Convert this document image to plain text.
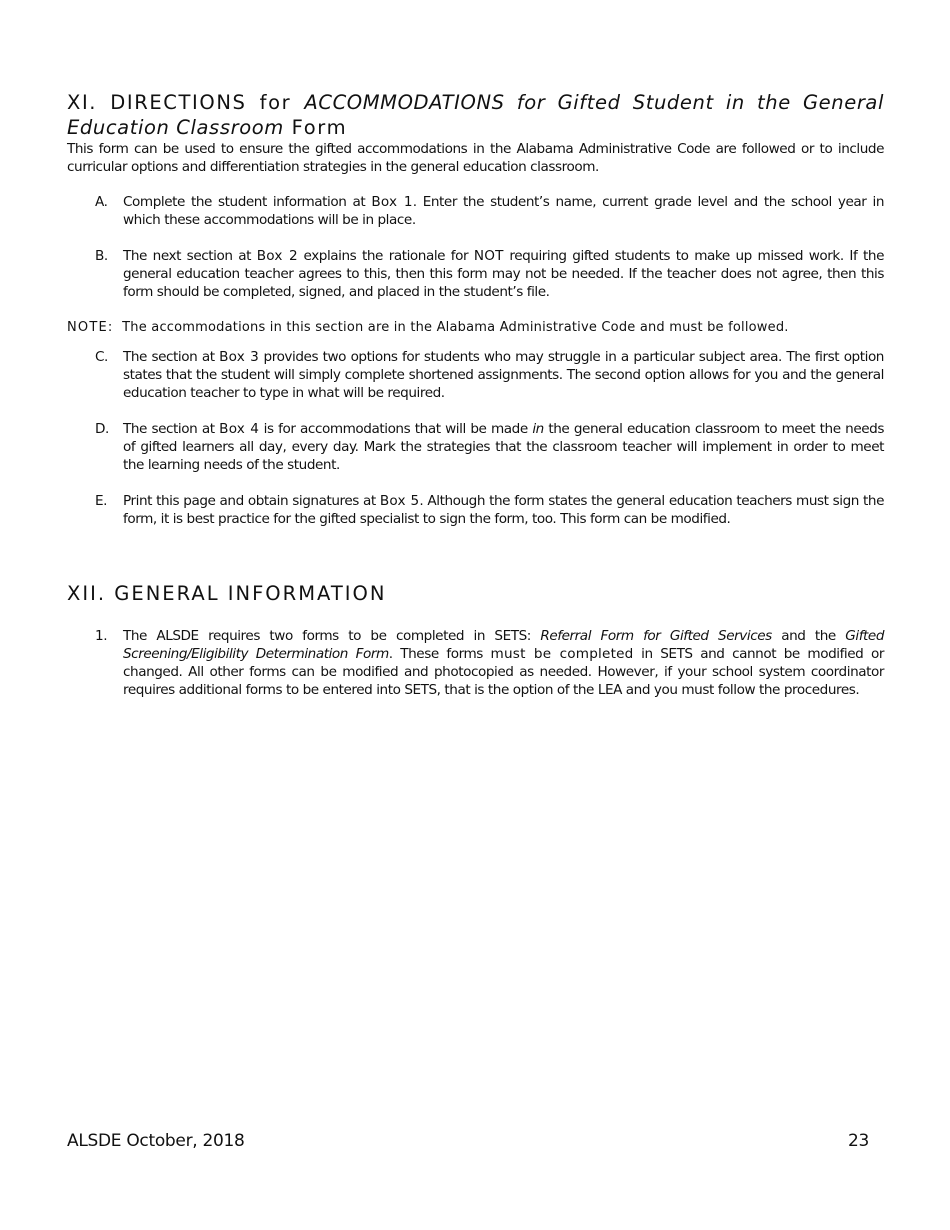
XI. DIRECTIONS for ACCOMMODATIONS for Gifted Student in the General Education Classroom Form

This form can be used to ensure the gifted accommodations in the Alabama Administrative Code are followed or to include curricular options and differentiation strategies in the general education classroom.

A.	Complete the student information at Box 1. Enter the student’s name, current grade level and the school year in which these accommodations will be in place.
B.	The next section at Box 2 explains the rationale for NOT requiring gifted students to make up missed work. If the general education teacher agrees to this, then this form may not be needed. If the teacher does not agree, then this form should be completed, signed, and placed in the student’s file.
NOTE:  The accommodations in this section are in the Alabama Administrative Code and must be followed.
C.	The section at Box 3 provides two options for students who may struggle in a particular subject area. The first option states that the student will simply complete shortened assignments. The second option allows for you and the general education teacher to type in what will be required.
D.	The section at Box 4 is for accommodations that will be made in the general education classroom to meet the needs of gifted learners all day, every day. Mark the strategies that the classroom teacher will implement in order to meet the learning needs of the student.
E.	Print this page and obtain signatures at Box 5. Although the form states the general education teachers must sign the form, it is best practice for the gifted specialist to sign the form, too. This form can be modified.
XII. GENERAL INFORMATION
1.	The ALSDE requires two forms to be completed in SETS: Referral Form for Gifted Services and the Gifted Screening/Eligibility Determination Form. These forms must be completed in SETS and cannot be modified or changed. All other forms can be modified and photocopied as needed. However, if your school system coordinator requires additional forms to be entered into SETS, that is the option of the LEA and you must follow the procedures.
ALSDE October, 2018	23
